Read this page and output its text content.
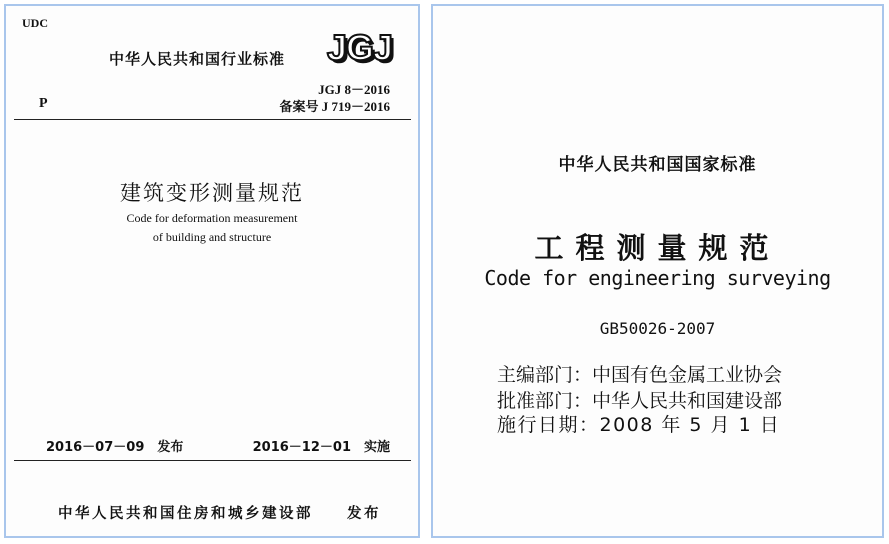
UDC
中华人民共和国行业标准 JGJ
P
JGJ 8－2016
备案号 J 719－2016
建筑变形测量规范
Code for deformation measurement
of building and structure
2016－07－09　发布	2016－12－01　实施
中华人民共和国住房和城乡建设部　　发布
中华人民共和国国家标准
工程测量规范
Code for engineering surveying
GB50026-2007
主编部门：中国有色金属工业协会
批准部门：中华人民共和国建设部
施行日期：2008 年 5 月 1 日
